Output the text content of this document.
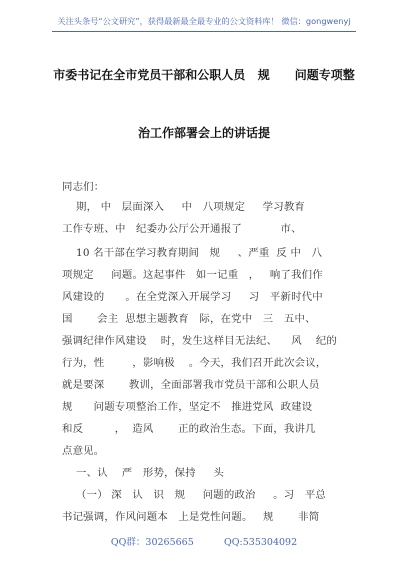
关注头条号“公文研究”，获得最新最全最专业的公文资料库！ 微信：gongwenyj
市委书记在全市党员干部和公职人员   规      问题专项整
治工作部署会上的讲话提
同志们：
期， 中   层面深入     中   八项规定     学习教育
工作专班、中   纪委办公厅公开通报了           市、
10 名干部在学习教育期间   规     、严重  反 中   八
项规定     问题。这起事件   如一记重   ，   响了我们作
风建设的      。在全党深入开展学习     习   平新时代中
国       会主  思想主题教育   际，在党中   三   五中、
强调纪律作风建设    时，发生这样目无法纪、    风    纪的
行为，性        ，影响极    。今天，我们召开此次会议，
就是要深       教训，全面部署我市党员干部和公职人员
规      问题专项整治工作，坚定不   推进党风  政建设
和反         ，  造风       正的政治生态。下面，我讲几
点意见。
一、认    严   形势，保持     头
（一） 深   认   识   规     问题的政治     。习   平总
书记强调，作风问题本   上是党性问题。   规       非简
QQ群：30265665          QQ:535304092
